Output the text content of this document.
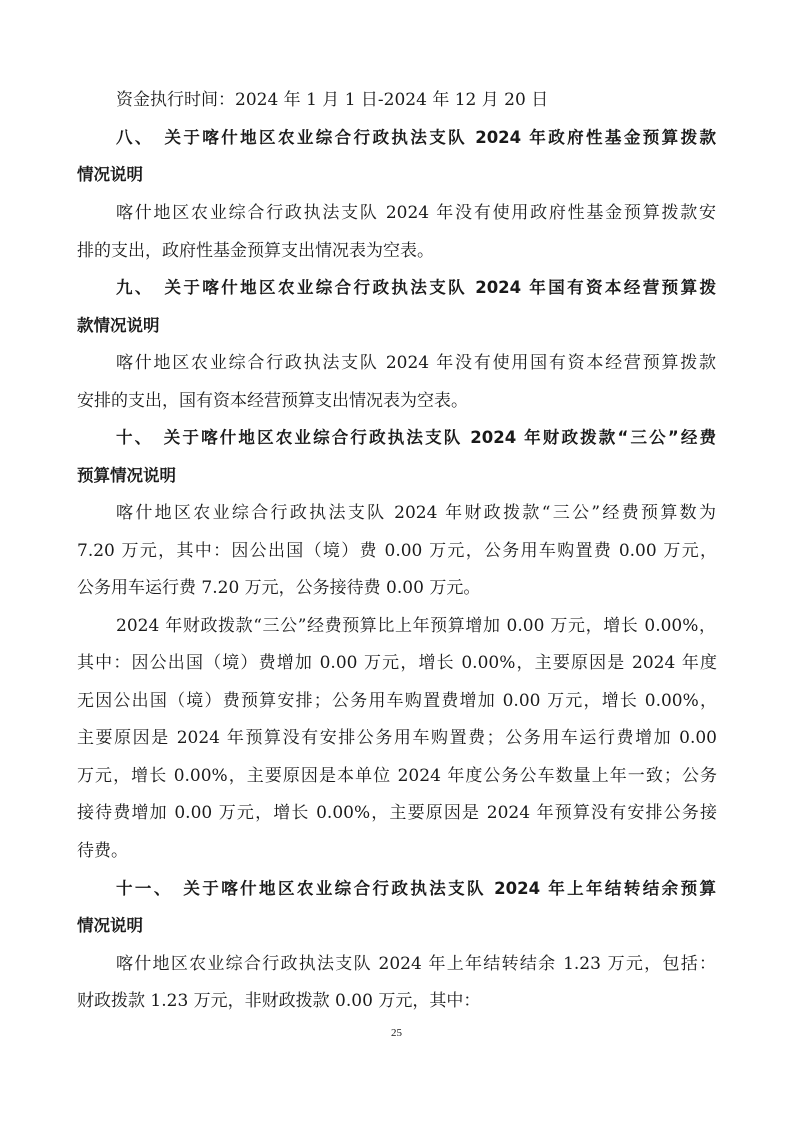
资金执行时间：2024 年 1 月 1 日-2024 年 12 月 20 日

八、　关于喀什地区农业综合行政执法支队 2024 年政府性基金预算拨款

情况说明

喀什地区农业综合行政执法支队 2024 年没有使用政府性基金预算拨款安

排的支出，政府性基金预算支出情况表为空表。

九、　关于喀什地区农业综合行政执法支队 2024 年国有资本经营预算拨

款情况说明

喀什地区农业综合行政执法支队 2024 年没有使用国有资本经营预算拨款

安排的支出，国有资本经营预算支出情况表为空表。

十、　关于喀什地区农业综合行政执法支队 2024 年财政拨款“三公”经费

预算情况说明

喀什地区农业综合行政执法支队 2024 年财政拨款“三公”经费预算数为

7.20 万元，其中：因公出国（境）费 0.00 万元，公务用车购置费 0.00 万元，

公务用车运行费 7.20 万元，公务接待费 0.00 万元。

2024 年财政拨款“三公”经费预算比上年预算增加 0.00 万元，增长 0.00%，

其中：因公出国（境）费增加 0.00 万元，增长 0.00%，主要原因是 2024 年度

无因公出国（境）费预算安排；公务用车购置费增加 0.00 万元，增长 0.00%，

主要原因是 2024 年预算没有安排公务用车购置费；公务用车运行费增加 0.00

万元，增长 0.00%，主要原因是本单位 2024 年度公务公车数量上年一致；公务

接待费增加 0.00 万元，增长 0.00%，主要原因是 2024 年预算没有安排公务接

待费。

十一、　关于喀什地区农业综合行政执法支队 2024 年上年结转结余预算

情况说明

喀什地区农业综合行政执法支队 2024 年上年结转结余 1.23 万元，包括：

财政拨款 1.23 万元，非财政拨款 0.00 万元，其中：

25
